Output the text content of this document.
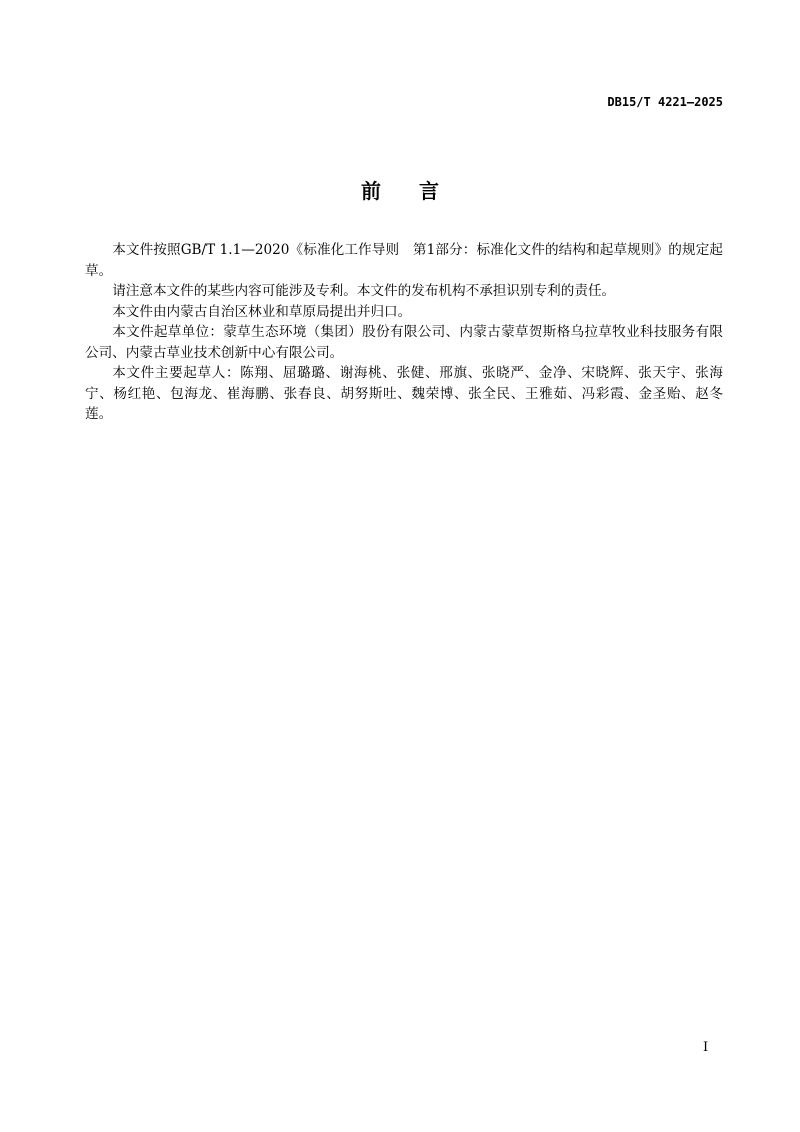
DB15/T 4221—2025
前言

本文件按照GB/T 1.1—2020《标准化工作导则　第1部分：标准化文件的结构和起草规则》的规定起草。

请注意本文件的某些内容可能涉及专利。本文件的发布机构不承担识别专利的责任。

本文件由内蒙古自治区林业和草原局提出并归口。

本文件起草单位：蒙草生态环境（集团）股份有限公司、内蒙古蒙草贺斯格乌拉草牧业科技服务有限公司、内蒙古草业技术创新中心有限公司。

本文件主要起草人：陈翔、屈璐璐、谢海桃、张健、邢旗、张晓严、金净、宋晓辉、张天宇、张海宁、杨红艳、包海龙、崔海鹏、张春良、胡努斯吐、魏荣博、张全民、王雅茹、冯彩霞、金圣贻、赵冬莲。

I
